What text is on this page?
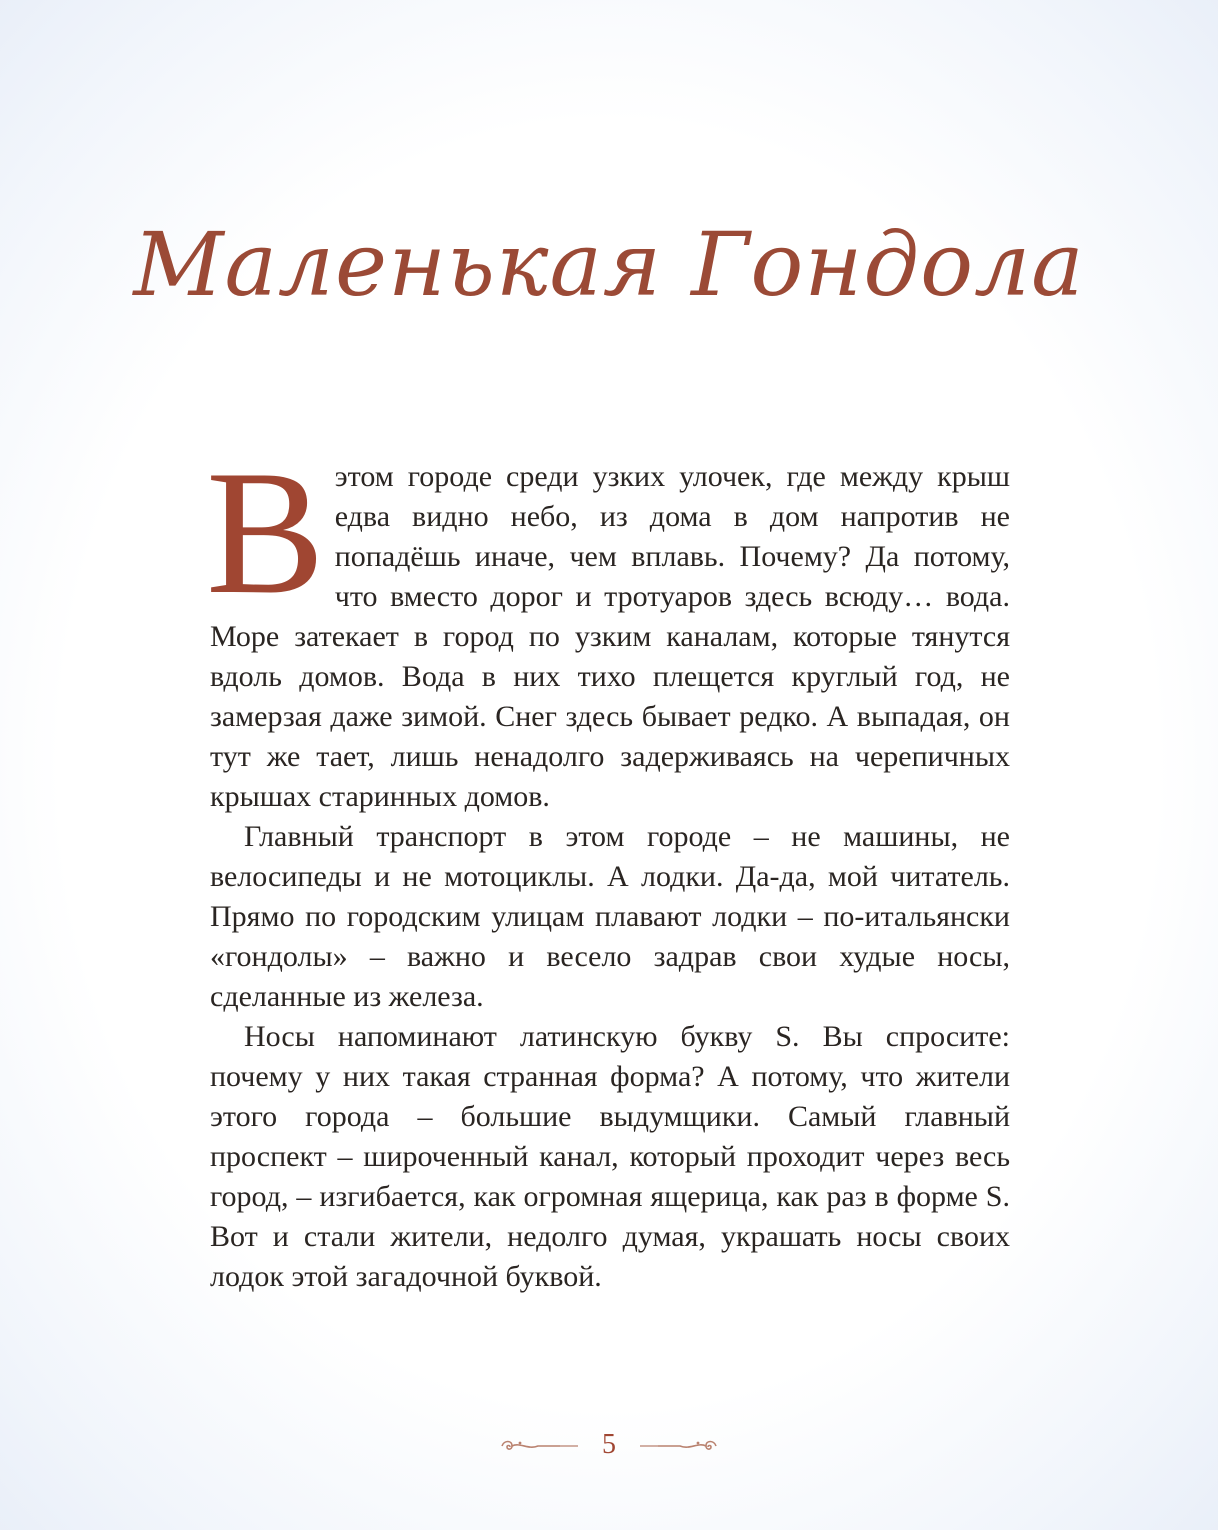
Маленькая Гондола

В этом городе среди узких улочек, где между крыш едва видно небо, из дома в дом напротив не попадёшь иначе, чем вплавь. Почему? Да потому, что вместо дорог и тротуаров здесь всюду… вода. Море затекает в город по узким каналам, которые тянутся вдоль домов. Вода в них тихо плещется круглый год, не замерзая даже зимой. Снег здесь бывает редко. А выпадая, он тут же тает, лишь ненадолго задерживаясь на черепичных крышах старинных домов.

Главный транспорт в этом городе – не машины, не велосипеды и не мотоциклы. А лодки. Да-да, мой читатель. Прямо по городским улицам плавают лодки – по-итальянски «гондолы» – важно и весело задрав свои худые носы, сделанные из железа.

Носы напоминают латинскую букву S. Вы спросите: почему у них такая странная форма? А потому, что жители этого города – большие выдумщики. Самый главный проспект – широченный канал, который проходит через весь город, – изгибается, как огромная ящерица, как раз в форме S. Вот и стали жители, недолго думая, украшать носы своих лодок этой загадочной буквой.

5
